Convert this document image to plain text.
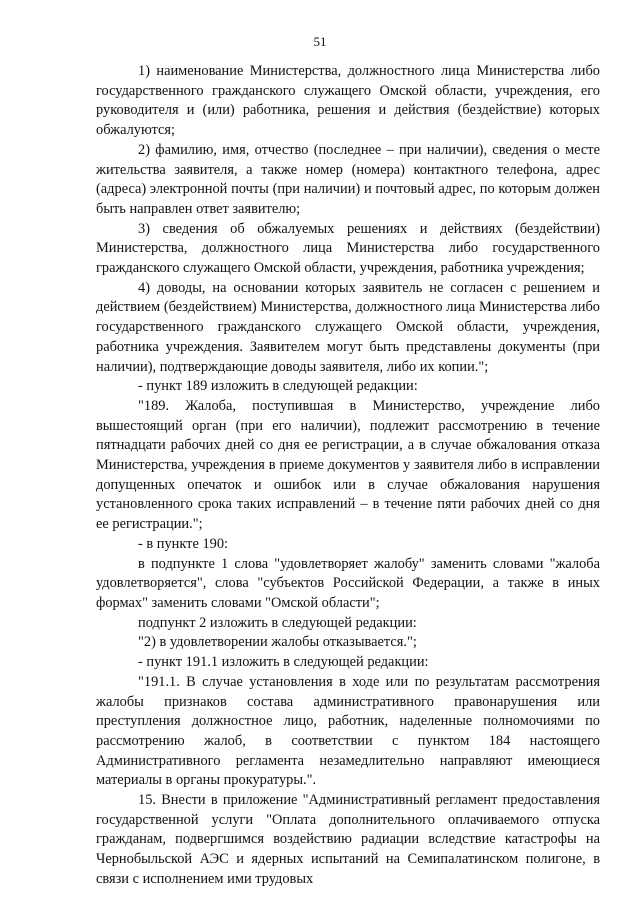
51

1) наименование Министерства, должностного лица Министерства либо государственного гражданского служащего Омской области, учреждения, его руководителя и (или) работника, решения и действия (бездействие) которых обжалуются;

2) фамилию, имя, отчество (последнее – при наличии), сведения о месте жительства заявителя, а также номер (номера) контактного телефона, адрес (адреса) электронной почты (при наличии) и почтовый адрес, по которым должен быть направлен ответ заявителю;

3) сведения об обжалуемых решениях и действиях (бездействии) Министерства, должностного лица Министерства либо государственного гражданского служащего Омской области, учреждения, работника учреждения;

4) доводы, на основании которых заявитель не согласен с решением и действием (бездействием) Министерства, должностного лица Министерства либо государственного гражданского служащего Омской области, учреждения, работника учреждения. Заявителем могут быть представлены документы (при наличии), подтверждающие доводы заявителя, либо их копии.";

- пункт 189 изложить в следующей редакции:

"189. Жалоба, поступившая в Министерство, учреждение либо вышестоящий орган (при его наличии), подлежит рассмотрению в течение пятнадцати рабочих дней со дня ее регистрации, а в случае обжалования отказа Министерства, учреждения в приеме документов у заявителя либо в исправлении допущенных опечаток и ошибок или в случае обжалования нарушения установленного срока таких исправлений – в течение пяти рабочих дней со дня ее регистрации.";

- в пункте 190:

в подпункте 1 слова "удовлетворяет жалобу" заменить словами "жалоба удовлетворяется", слова "субъектов Российской Федерации, а также в иных формах" заменить словами "Омской области";

подпункт 2 изложить в следующей редакции:

"2) в удовлетворении жалобы отказывается.";

- пункт 191.1 изложить в следующей редакции:

"191.1. В случае установления в ходе или по результатам рассмотрения жалобы признаков состава административного правонарушения или преступления должностное лицо, работник, наделенные полномочиями по рассмотрению жалоб, в соответствии с пунктом 184 настоящего Административного регламента незамедлительно направляют имеющиеся материалы в органы прокуратуры.".

15. Внести в приложение "Административный регламент предоставления государственной услуги "Оплата дополнительного оплачиваемого отпуска гражданам, подвергшимся воздействию радиации вследствие катастрофы на Чернобыльской АЭС и ядерных испытаний на Семипалатинском полигоне, в связи с исполнением ими трудовых
